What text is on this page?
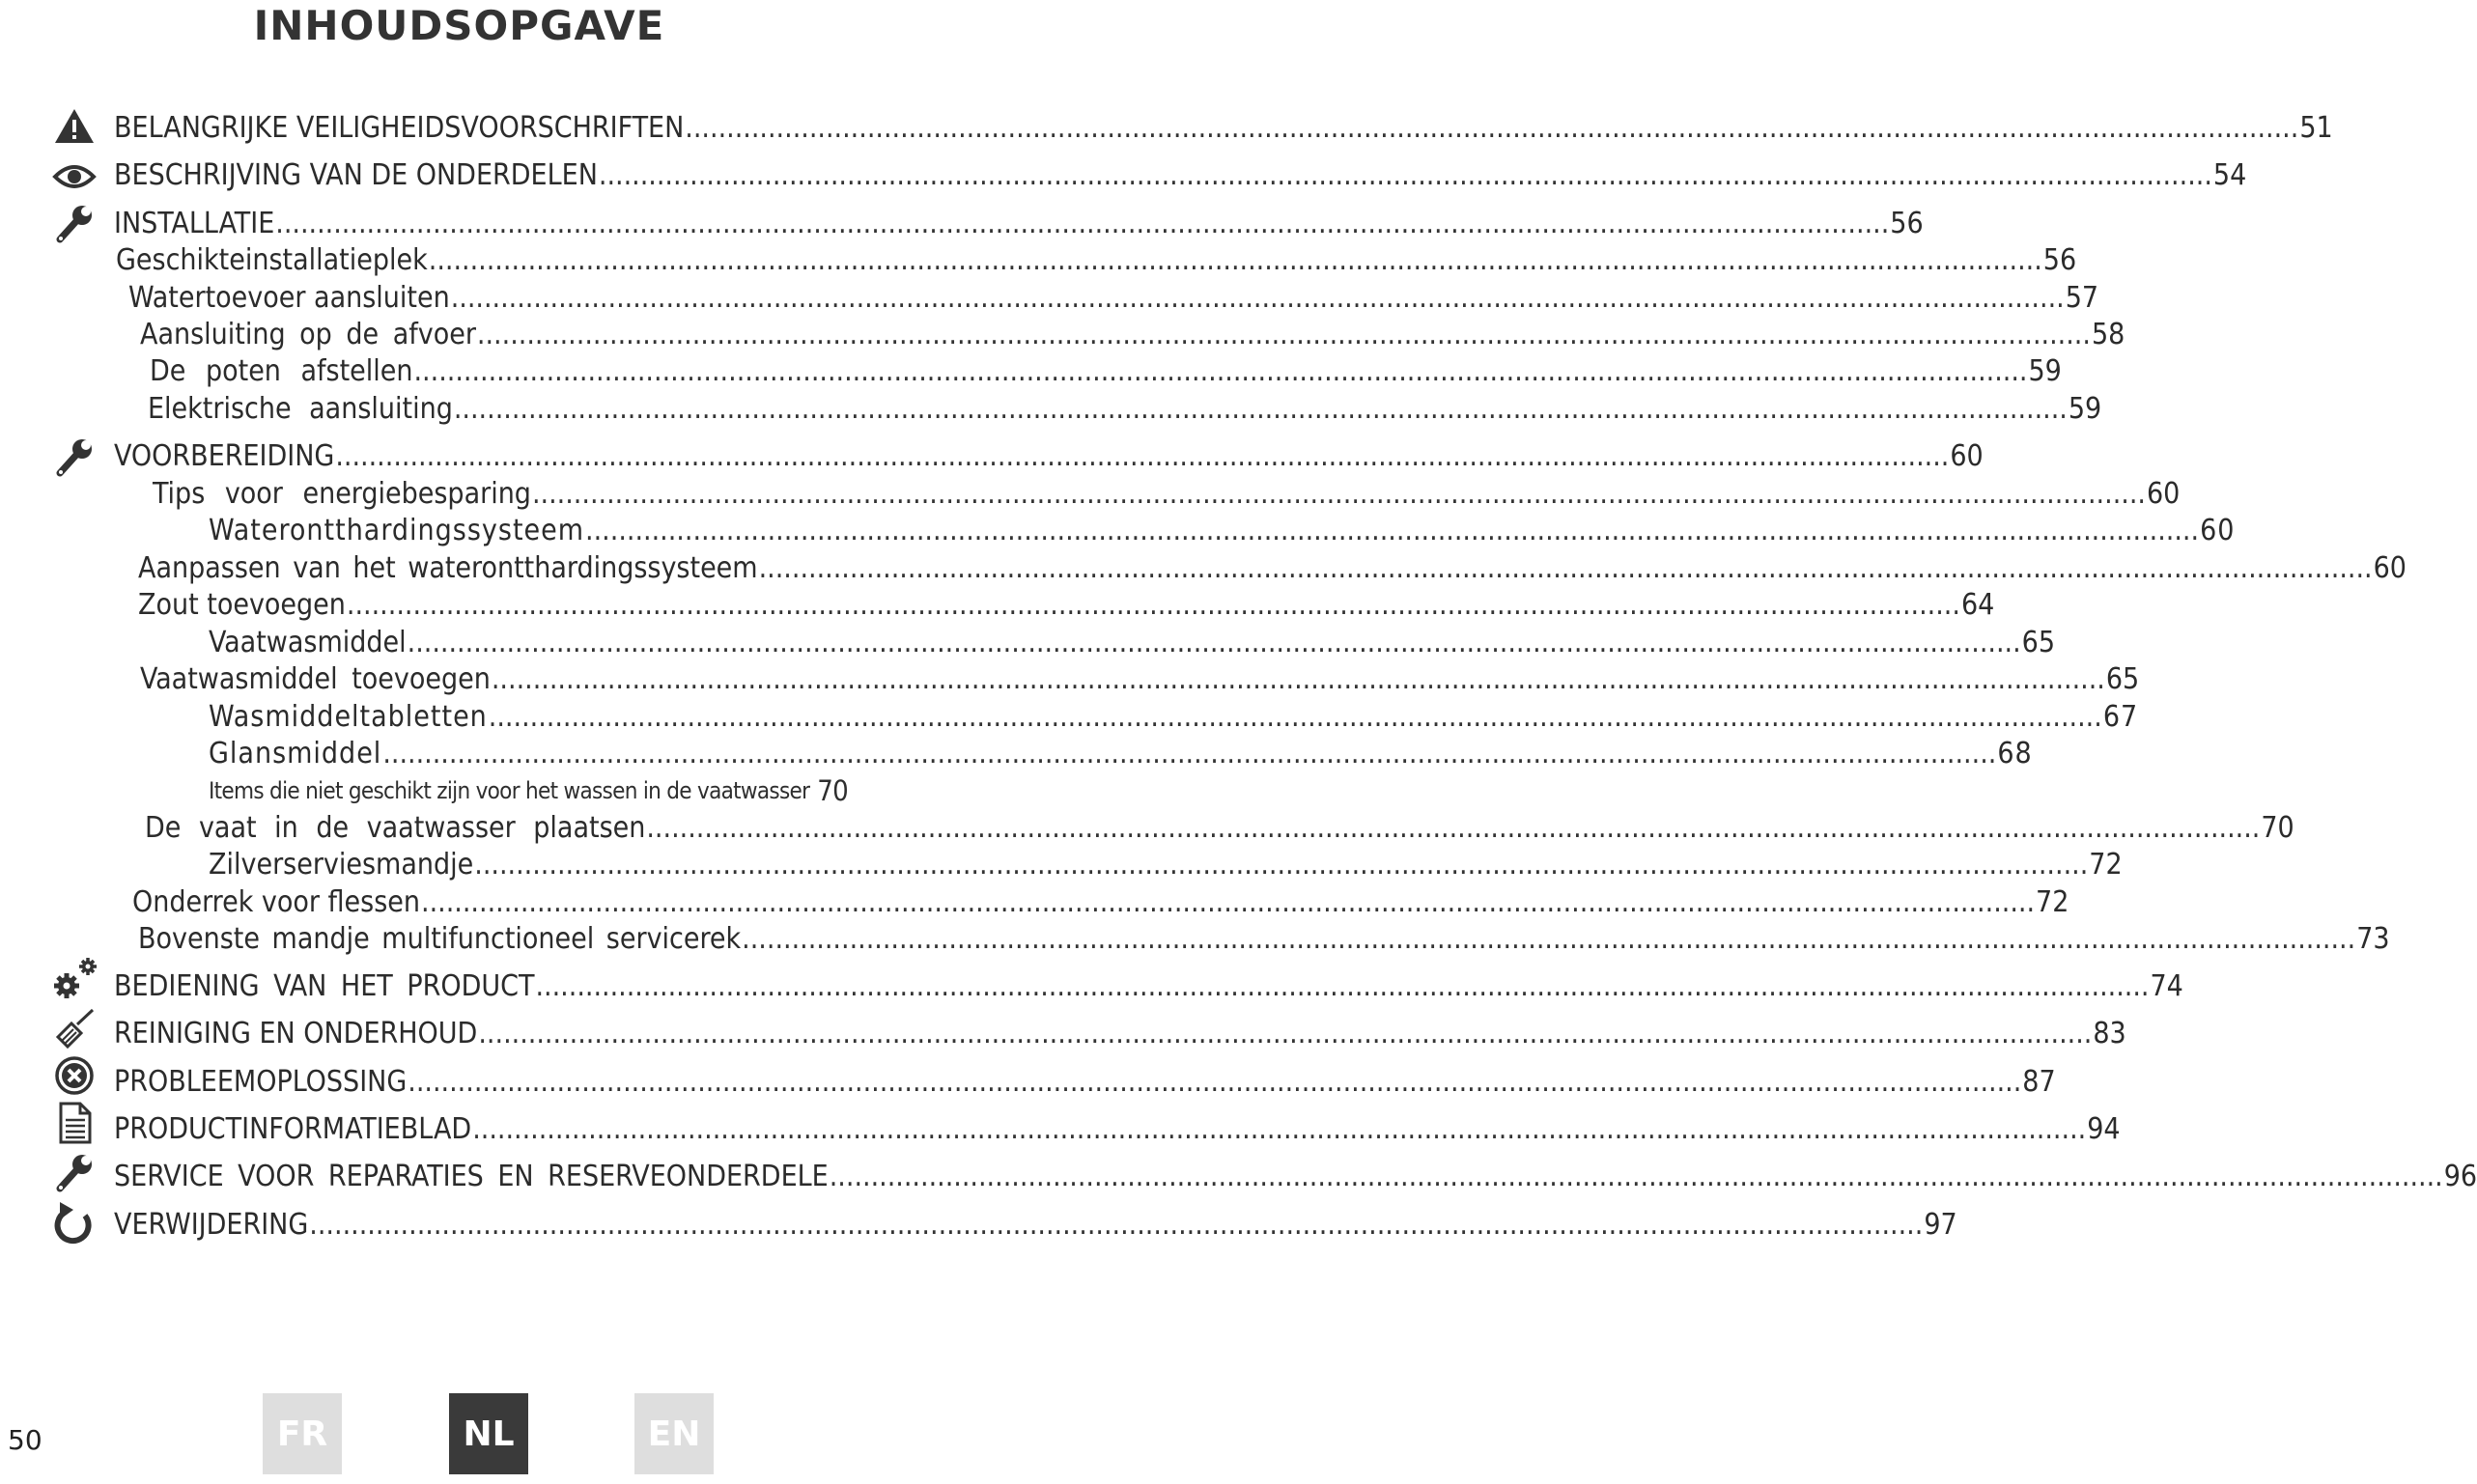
INHOUDSOPGAVE
BELANGRIJKE VEILIGHEIDSVOORSCHRIFTEN ................................................................................................................................................................................................... 51
BESCHRIJVING VAN DE ONDERDELEN ................................................................................................................................................................................................... 54
INSTALLATIE ................................................................................................................................................................................................... 56
Geschikteinstallatieplek ................................................................................................................................................................................................... 56
Watertoevoer aansluiten ................................................................................................................................................................................................... 57
Aansluiting op de afvoer ................................................................................................................................................................................................... 58
De poten afstellen ................................................................................................................................................................................................... 59
Elektrische aansluiting ................................................................................................................................................................................................... 59
VOORBEREIDING ................................................................................................................................................................................................... 60
Tips voor energiebesparing ................................................................................................................................................................................................... 60
Waterontthardingssysteem ................................................................................................................................................................................................... 60
Aanpassen van het waterontthardingssysteem ................................................................................................................................................................................................... 60
Zout toevoegen ................................................................................................................................................................................................... 64
Vaatwasmiddel ................................................................................................................................................................................................... 65
Vaatwasmiddel toevoegen ................................................................................................................................................................................................... 65
Wasmiddeltabletten ................................................................................................................................................................................................... 67
Glansmiddel ................................................................................................................................................................................................... 68
Items die niet geschikt zijn voor het wassen in de vaatwasser 70
De vaat in de vaatwasser plaatsen ................................................................................................................................................................................................... 70
Zilverserviesmandje ................................................................................................................................................................................................... 72
Onderrek voor flessen ................................................................................................................................................................................................... 72
Bovenste mandje multifunctioneel servicerek ................................................................................................................................................................................................... 73
BEDIENING VAN HET PRODUCT ................................................................................................................................................................................................... 74
REINIGING EN ONDERHOUD ................................................................................................................................................................................................... 83
PROBLEEMOPLOSSING ................................................................................................................................................................................................... 87
PRODUCTINFORMATIEBLAD ................................................................................................................................................................................................... 94
SERVICE VOOR REPARATIES EN RESERVEONDERDELE ................................................................................................................................................................................................... 96
VERWIJDERING ................................................................................................................................................................................................... 97
50	FR	NL	EN
